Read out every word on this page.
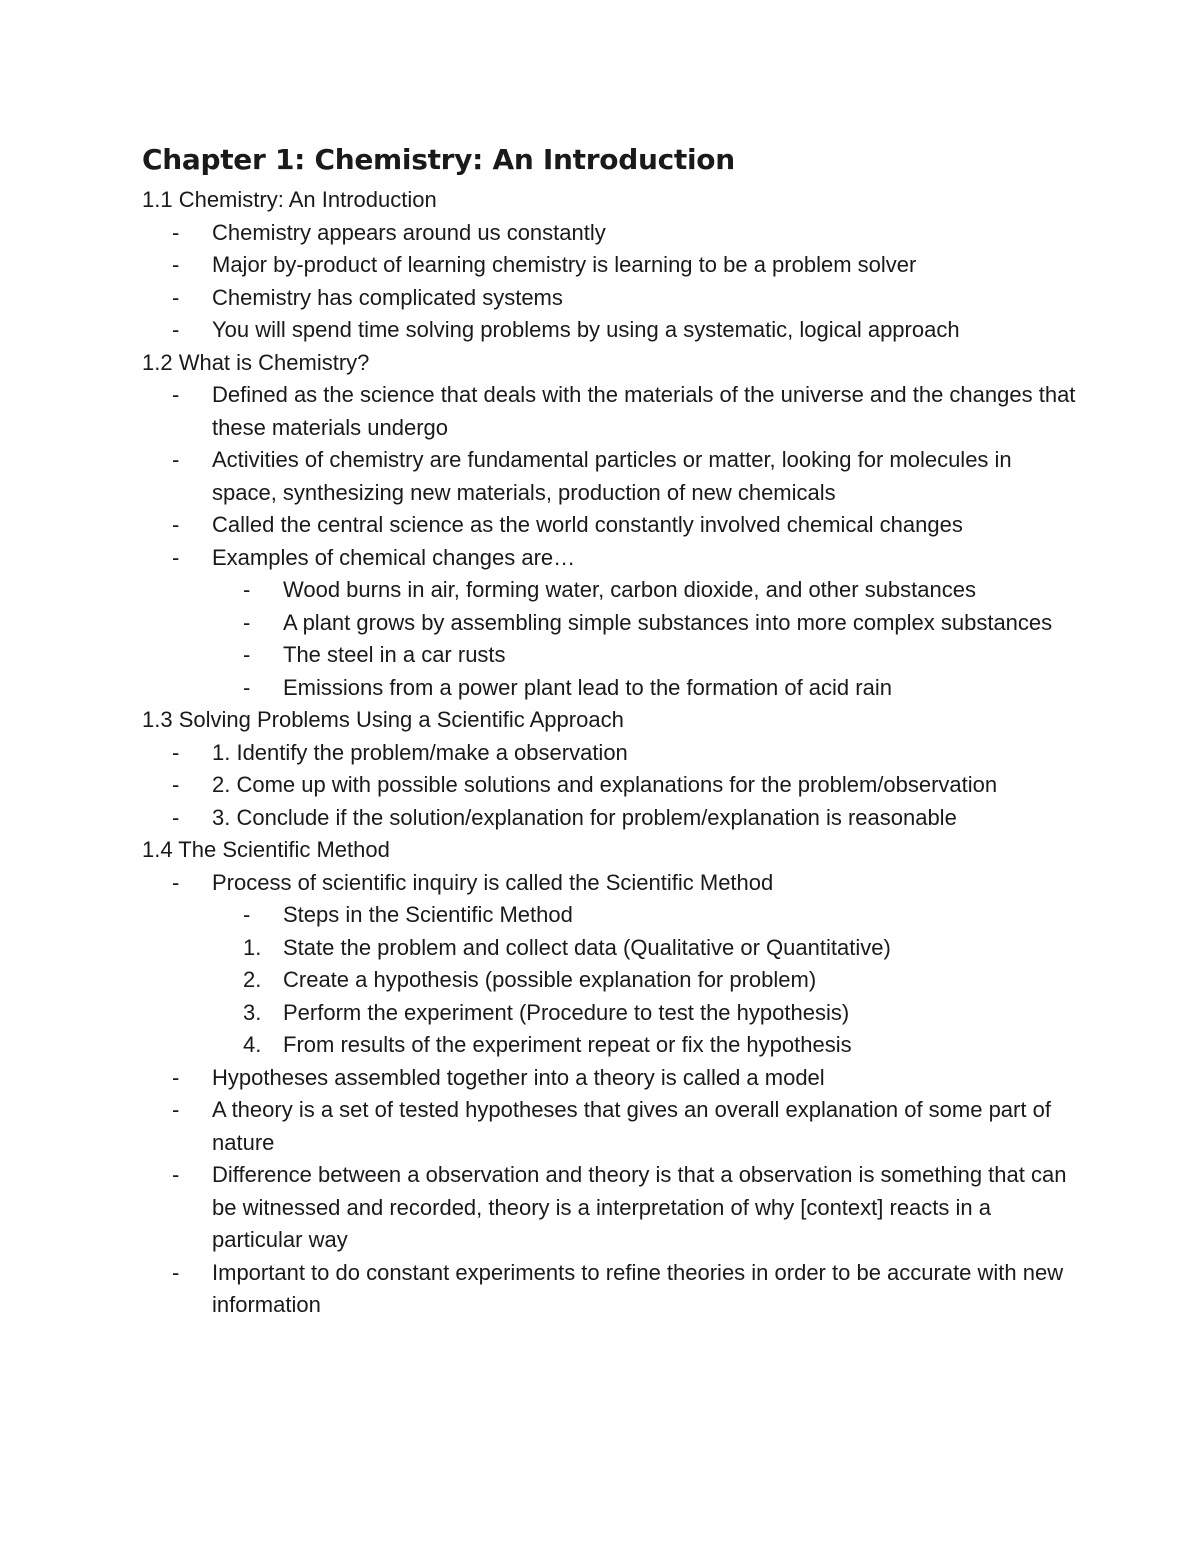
Chapter 1: Chemistry: An Introduction
1.1 Chemistry: An Introduction
-	Chemistry appears around us constantly
-	Major by-product of learning chemistry is learning to be a problem solver
-	Chemistry has complicated systems
-	You will spend time solving problems by using a systematic, logical approach
1.2 What is Chemistry?
-	Defined as the science that deals with the materials of the universe and the changes that these materials undergo
-	Activities of chemistry are fundamental particles or matter, looking for molecules in space, synthesizing new materials, production of new chemicals
-	Called the central science as the world constantly involved chemical changes
-	Examples of chemical changes are…
-	Wood burns in air, forming water, carbon dioxide, and other substances
-	A plant grows by assembling simple substances into more complex substances
-	The steel in a car rusts
-	Emissions from a power plant lead to the formation of acid rain
1.3 Solving Problems Using a Scientific Approach
-	1. Identify the problem/make a observation
-	2. Come up with possible solutions and explanations for the problem/observation
-	3. Conclude if the solution/explanation for problem/explanation is reasonable
1.4 The Scientific Method
-	Process of scientific inquiry is called the Scientific Method
-	Steps in the Scientific Method
1. State the problem and collect data (Qualitative or Quantitative)
2. Create a hypothesis (possible explanation for problem)
3. Perform the experiment (Procedure to test the hypothesis)
4. From results of the experiment repeat or fix the hypothesis
-	Hypotheses assembled together into a theory is called a model
-	A theory is a set of tested hypotheses that gives an overall explanation of some part of nature
-	Difference between a observation and theory is that a observation is something that can be witnessed and recorded, theory is a interpretation of why [context] reacts in a particular way
-	Important to do constant experiments to refine theories in order to be accurate with new information
